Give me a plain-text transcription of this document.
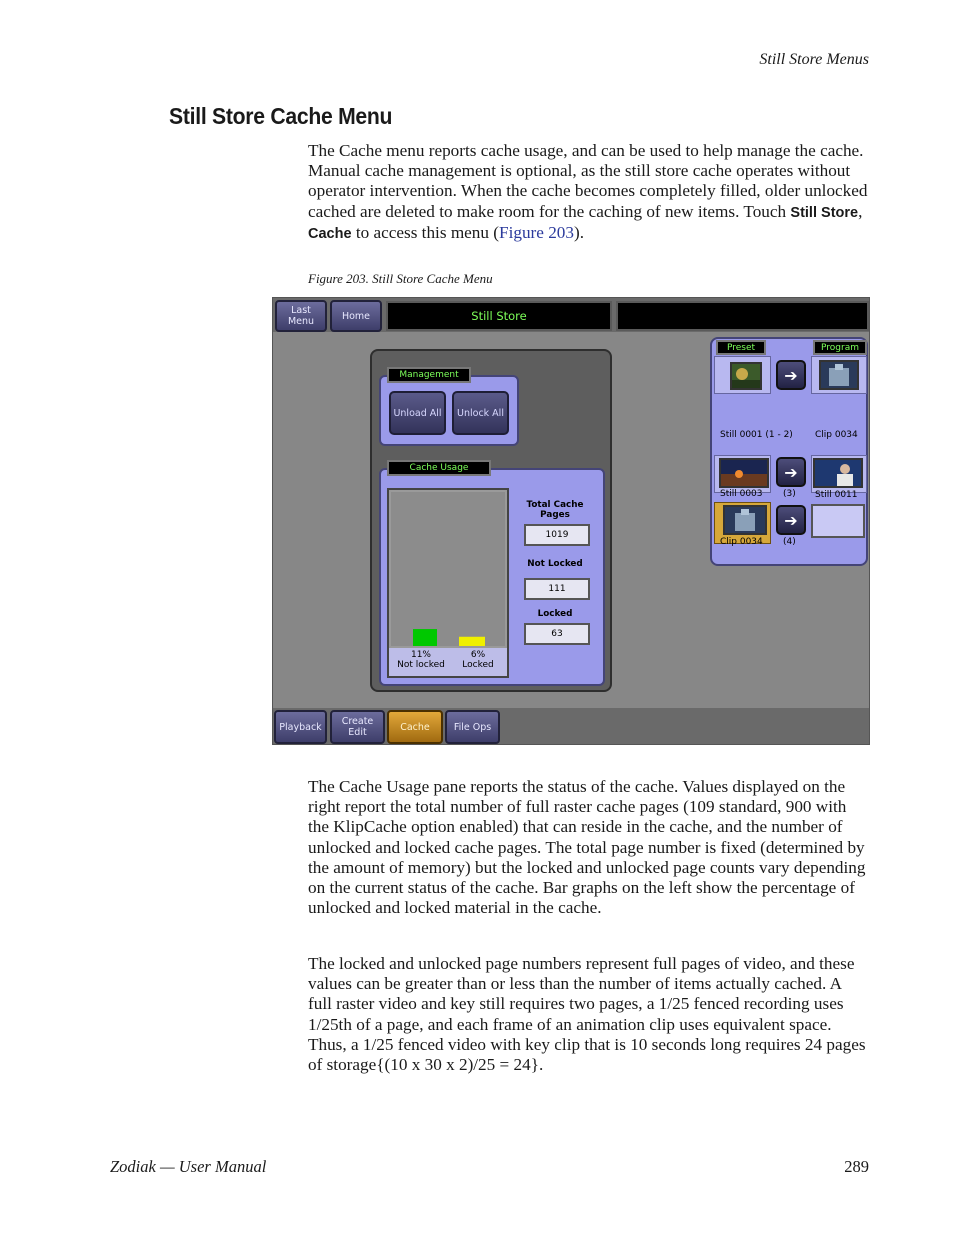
Still Store Menus
Still Store Cache Menu
The Cache menu reports cache usage, and can be used to help manage the cache. Manual cache management is optional, as the still store cache operates without operator intervention. When the cache becomes completely filled, older unlocked cached are deleted to make room for the caching of new items. Touch Still Store, Cache to access this menu (Figure 203).
Figure 203. Still Store Cache Menu
Last Menu	Home	Still Store
Management
Unload All	Unlock All
Cache Usage
11%
Not locked
6%
Locked
Total Cache Pages
1019
Not Locked
111
Locked
63
Preset	Program
➔
Still 0001 (1 - 2) Clip 0034
➔
Still 0003 (3) Still 0011
➔
Clip 0034 (4)
Playback	Create Edit	Cache	File Ops
The Cache Usage pane reports the status of the cache. Values displayed on the right report the total number of full raster cache pages (109 standard, 900 with the KlipCache option enabled) that can reside in the cache, and the number of unlocked and locked cache pages. The total page number is fixed (determined by the amount of memory) but the locked and unlocked page counts vary depending on the current status of the cache. Bar graphs on the left show the percentage of unlocked and locked material in the cache.
The locked and unlocked page numbers represent full pages of video, and these values can be greater than or less than the number of items actually cached. A full raster video and key still requires two pages, a 1/25 fenced recording uses 1/25th of a page, and each frame of an animation clip uses equivalent space. Thus, a 1/25 fenced video with key clip that is 10 seconds long requires 24 pages of storage{(10 x 30 x 2)/25 = 24}.
Zodiak — User Manual	289
